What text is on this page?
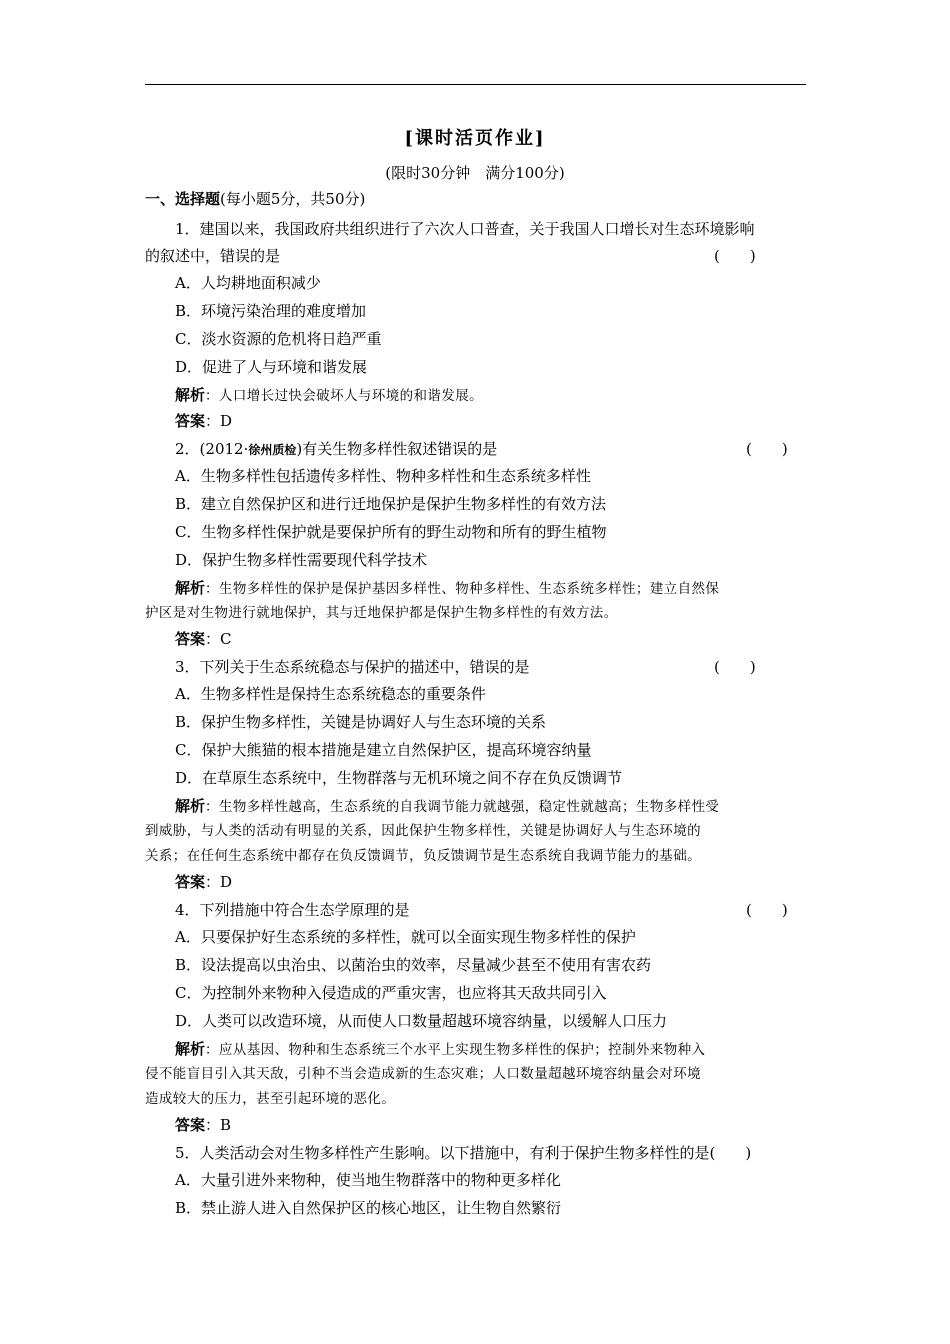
[课时活页作业]
(限时30分钟　满分100分)
一、选择题(每小题5分，共50分)
1．建国以来，我国政府共组织进行了六次人口普查，关于我国人口增长对生态环境影响
的叙述中，错误的是	(　　)
A．人均耕地面积减少
B．环境污染治理的难度增加
C．淡水资源的危机将日趋严重
D．促进了人与环境和谐发展
解析：人口增长过快会破坏人与环境的和谐发展。
答案：D
2．(2012·徐州质检)有关生物多样性叙述错误的是	(　　)
A．生物多样性包括遗传多样性、物种多样性和生态系统多样性
B．建立自然保护区和进行迁地保护是保护生物多样性的有效方法
C．生物多样性保护就是要保护所有的野生动物和所有的野生植物
D．保护生物多样性需要现代科学技术
解析：生物多样性的保护是保护基因多样性、物种多样性、生态系统多样性；建立自然保
护区是对生物进行就地保护，其与迁地保护都是保护生物多样性的有效方法。
答案：C
3．下列关于生态系统稳态与保护的描述中，错误的是	(　　)
A．生物多样性是保持生态系统稳态的重要条件
B．保护生物多样性，关键是协调好人与生态环境的关系
C．保护大熊猫的根本措施是建立自然保护区，提高环境容纳量
D．在草原生态系统中，生物群落与无机环境之间不存在负反馈调节
解析：生物多样性越高，生态系统的自我调节能力就越强，稳定性就越高；生物多样性受
到威胁，与人类的活动有明显的关系，因此保护生物多样性，关键是协调好人与生态环境的
关系；在任何生态系统中都存在负反馈调节，负反馈调节是生态系统自我调节能力的基础。
答案：D
4．下列措施中符合生态学原理的是	(　　)
A．只要保护好生态系统的多样性，就可以全面实现生物多样性的保护
B．设法提高以虫治虫、以菌治虫的效率，尽量减少甚至不使用有害农药
C．为控制外来物种入侵造成的严重灾害，也应将其天敌共同引入
D．人类可以改造环境，从而使人口数量超越环境容纳量，以缓解人口压力
解析：应从基因、物种和生态系统三个水平上实现生物多样性的保护；控制外来物种入
侵不能盲目引入其天敌，引种不当会造成新的生态灾难；人口数量超越环境容纳量会对环境
造成较大的压力，甚至引起环境的恶化。
答案：B
5．人类活动会对生物多样性产生影响。以下措施中，有利于保护生物多样性的是(　　)
A．大量引进外来物种，使当地生物群落中的物种更多样化
B．禁止游人进入自然保护区的核心地区，让生物自然繁衍
